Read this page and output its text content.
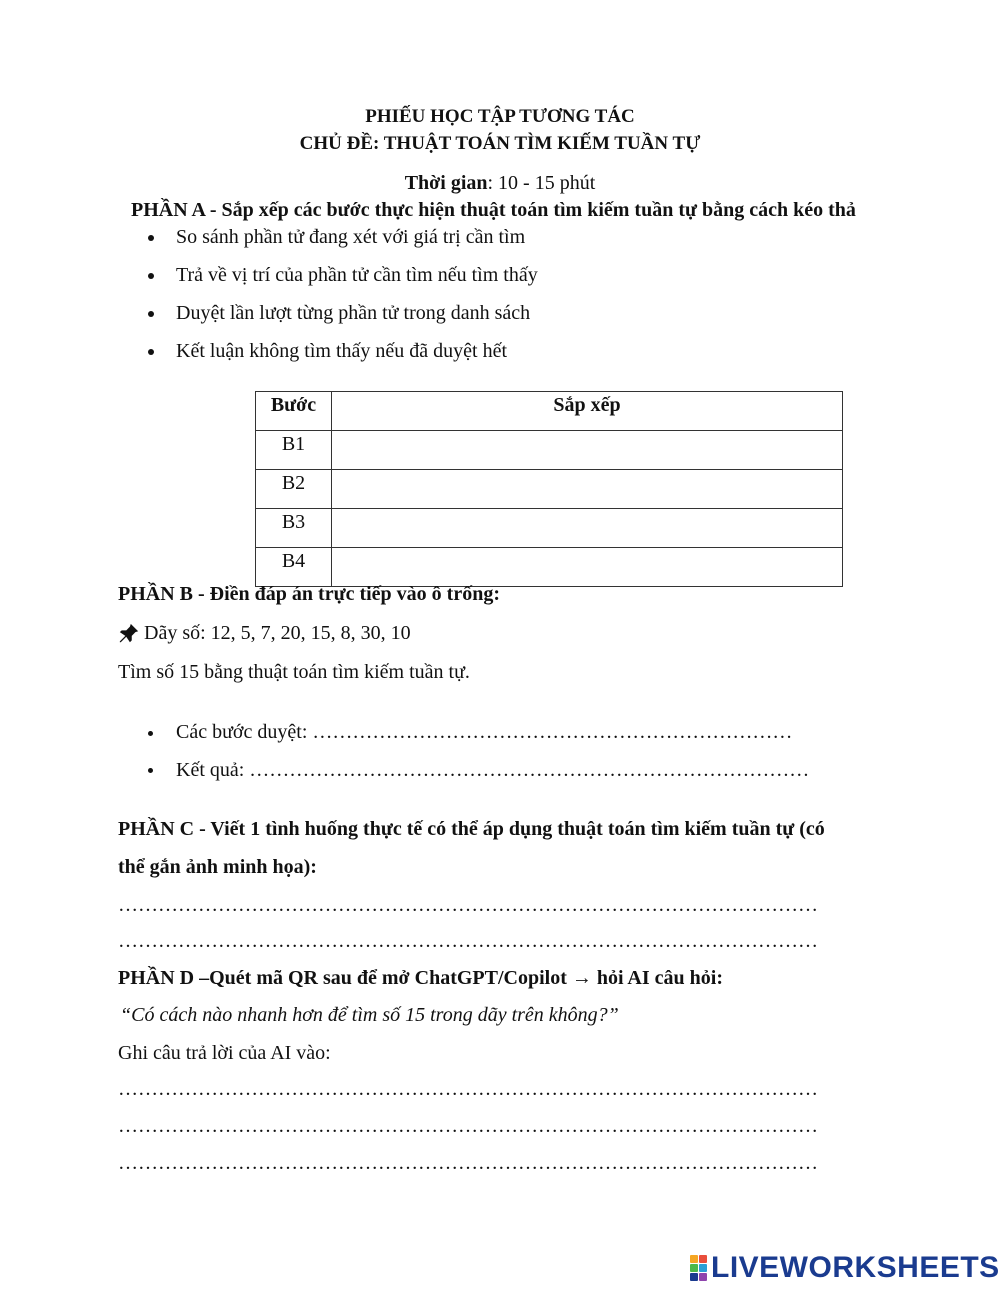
PHIẾU HỌC TẬP TƯƠNG TÁC
CHỦ ĐỀ: THUẬT TOÁN TÌM KIẾM TUẦN TỰ
Thời gian: 10 - 15 phút
PHẦN A - Sắp xếp các bước thực hiện thuật toán tìm kiếm tuần tự bằng cách kéo thả
So sánh phần tử đang xét với giá trị cần tìm
Trả về vị trí của phần tử cần tìm nếu tìm thấy
Duyệt lần lượt từng phần tử trong danh sách
Kết luận không tìm thấy nếu đã duyệt hết
Bước	Sắp xếp
B1	
B2	
B3	
B4	
PHẦN B - Điền đáp án trực tiếp vào ô trống:
Dãy số: 12, 5, 7, 20, 15, 8, 30, 10
Tìm số 15 bằng thuật toán tìm kiếm tuần tự.
Các bước duyệt: ………………………………………………………………
Kết quả: …………………………………………………………………………
PHẦN C - Viết 1 tình huống thực tế có thể áp dụng thuật toán tìm kiếm tuần tự (có
thể gắn ảnh minh họa):
……………………………………………………………………………………………
……………………………………………………………………………………………
PHẦN D –Quét mã QR sau để mở ChatGPT/Copilot → hỏi AI câu hỏi:
“Có cách nào nhanh hơn để tìm số 15 trong dãy trên không?”
Ghi câu trả lời của AI vào:
……………………………………………………………………………………………
……………………………………………………………………………………………
……………………………………………………………………………………………
LIVEWORKSHEETS
